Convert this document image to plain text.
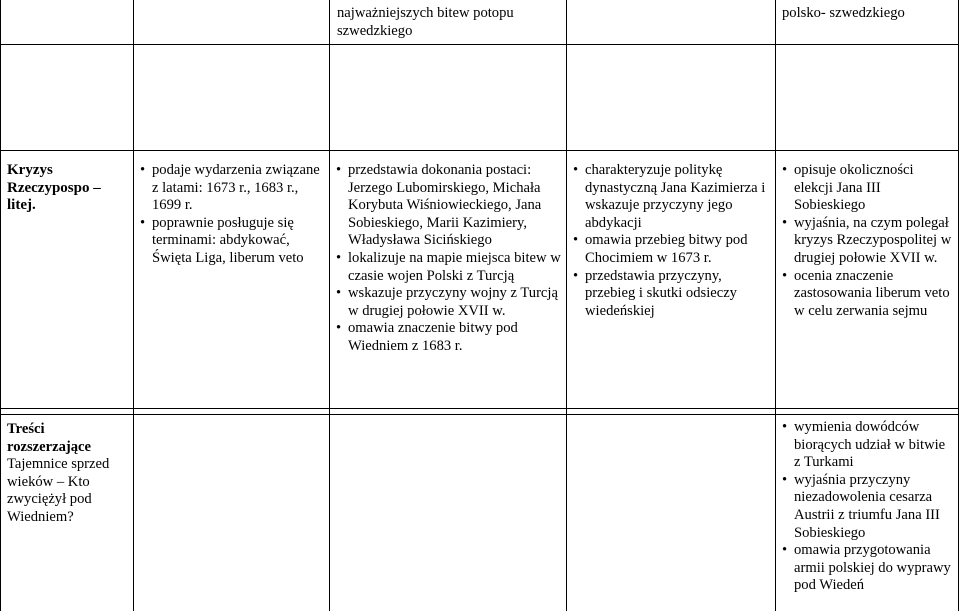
najważniejszych bitew potopu szwedzkiego
polsko- szwedzkiego
Kryzys Rzeczypospo – litej.
• podaje wydarzenia związane z latami: 1673 r., 1683 r., 1699 r.
• poprawnie posługuje się terminami: abdykować, Święta Liga, liberum veto
• przedstawia dokonania postaci: Jerzego Lubomirskiego, Michała Korybuta Wiśniowieckiego, Jana Sobieskiego, Marii Kazimiery, Władysława Sicińskiego
• lokalizuje na mapie miejsca bitew w czasie wojen Polski z Turcją
• wskazuje przyczyny wojny z Turcją w drugiej połowie XVII w.
• omawia znaczenie bitwy pod Wiedniem z 1683 r.
• charakteryzuje politykę dynastyczną Jana Kazimierza i wskazuje przyczyny jego abdykacji
• omawia przebieg bitwy pod Chocimiem w 1673 r.
• przedstawia przyczyny, przebieg i skutki odsieczy wiedeńskiej
• opisuje okoliczności elekcji Jana III Sobieskiego
• wyjaśnia, na czym polegał kryzys Rzeczypospolitej w drugiej połowie XVII w.
• ocenia znaczenie zastosowania liberum veto w celu zerwania sejmu

Treści rozszerzające

Tajemnice sprzed wieków – Kto zwyciężył pod Wiedniem?

• wymienia dowódców biorących udział w bitwie z Turkami
• wyjaśnia przyczyny niezadowolenia cesarza Austrii z triumfu Jana III Sobieskiego
• omawia przygotowania armii polskiej do wyprawy pod Wiedeń
